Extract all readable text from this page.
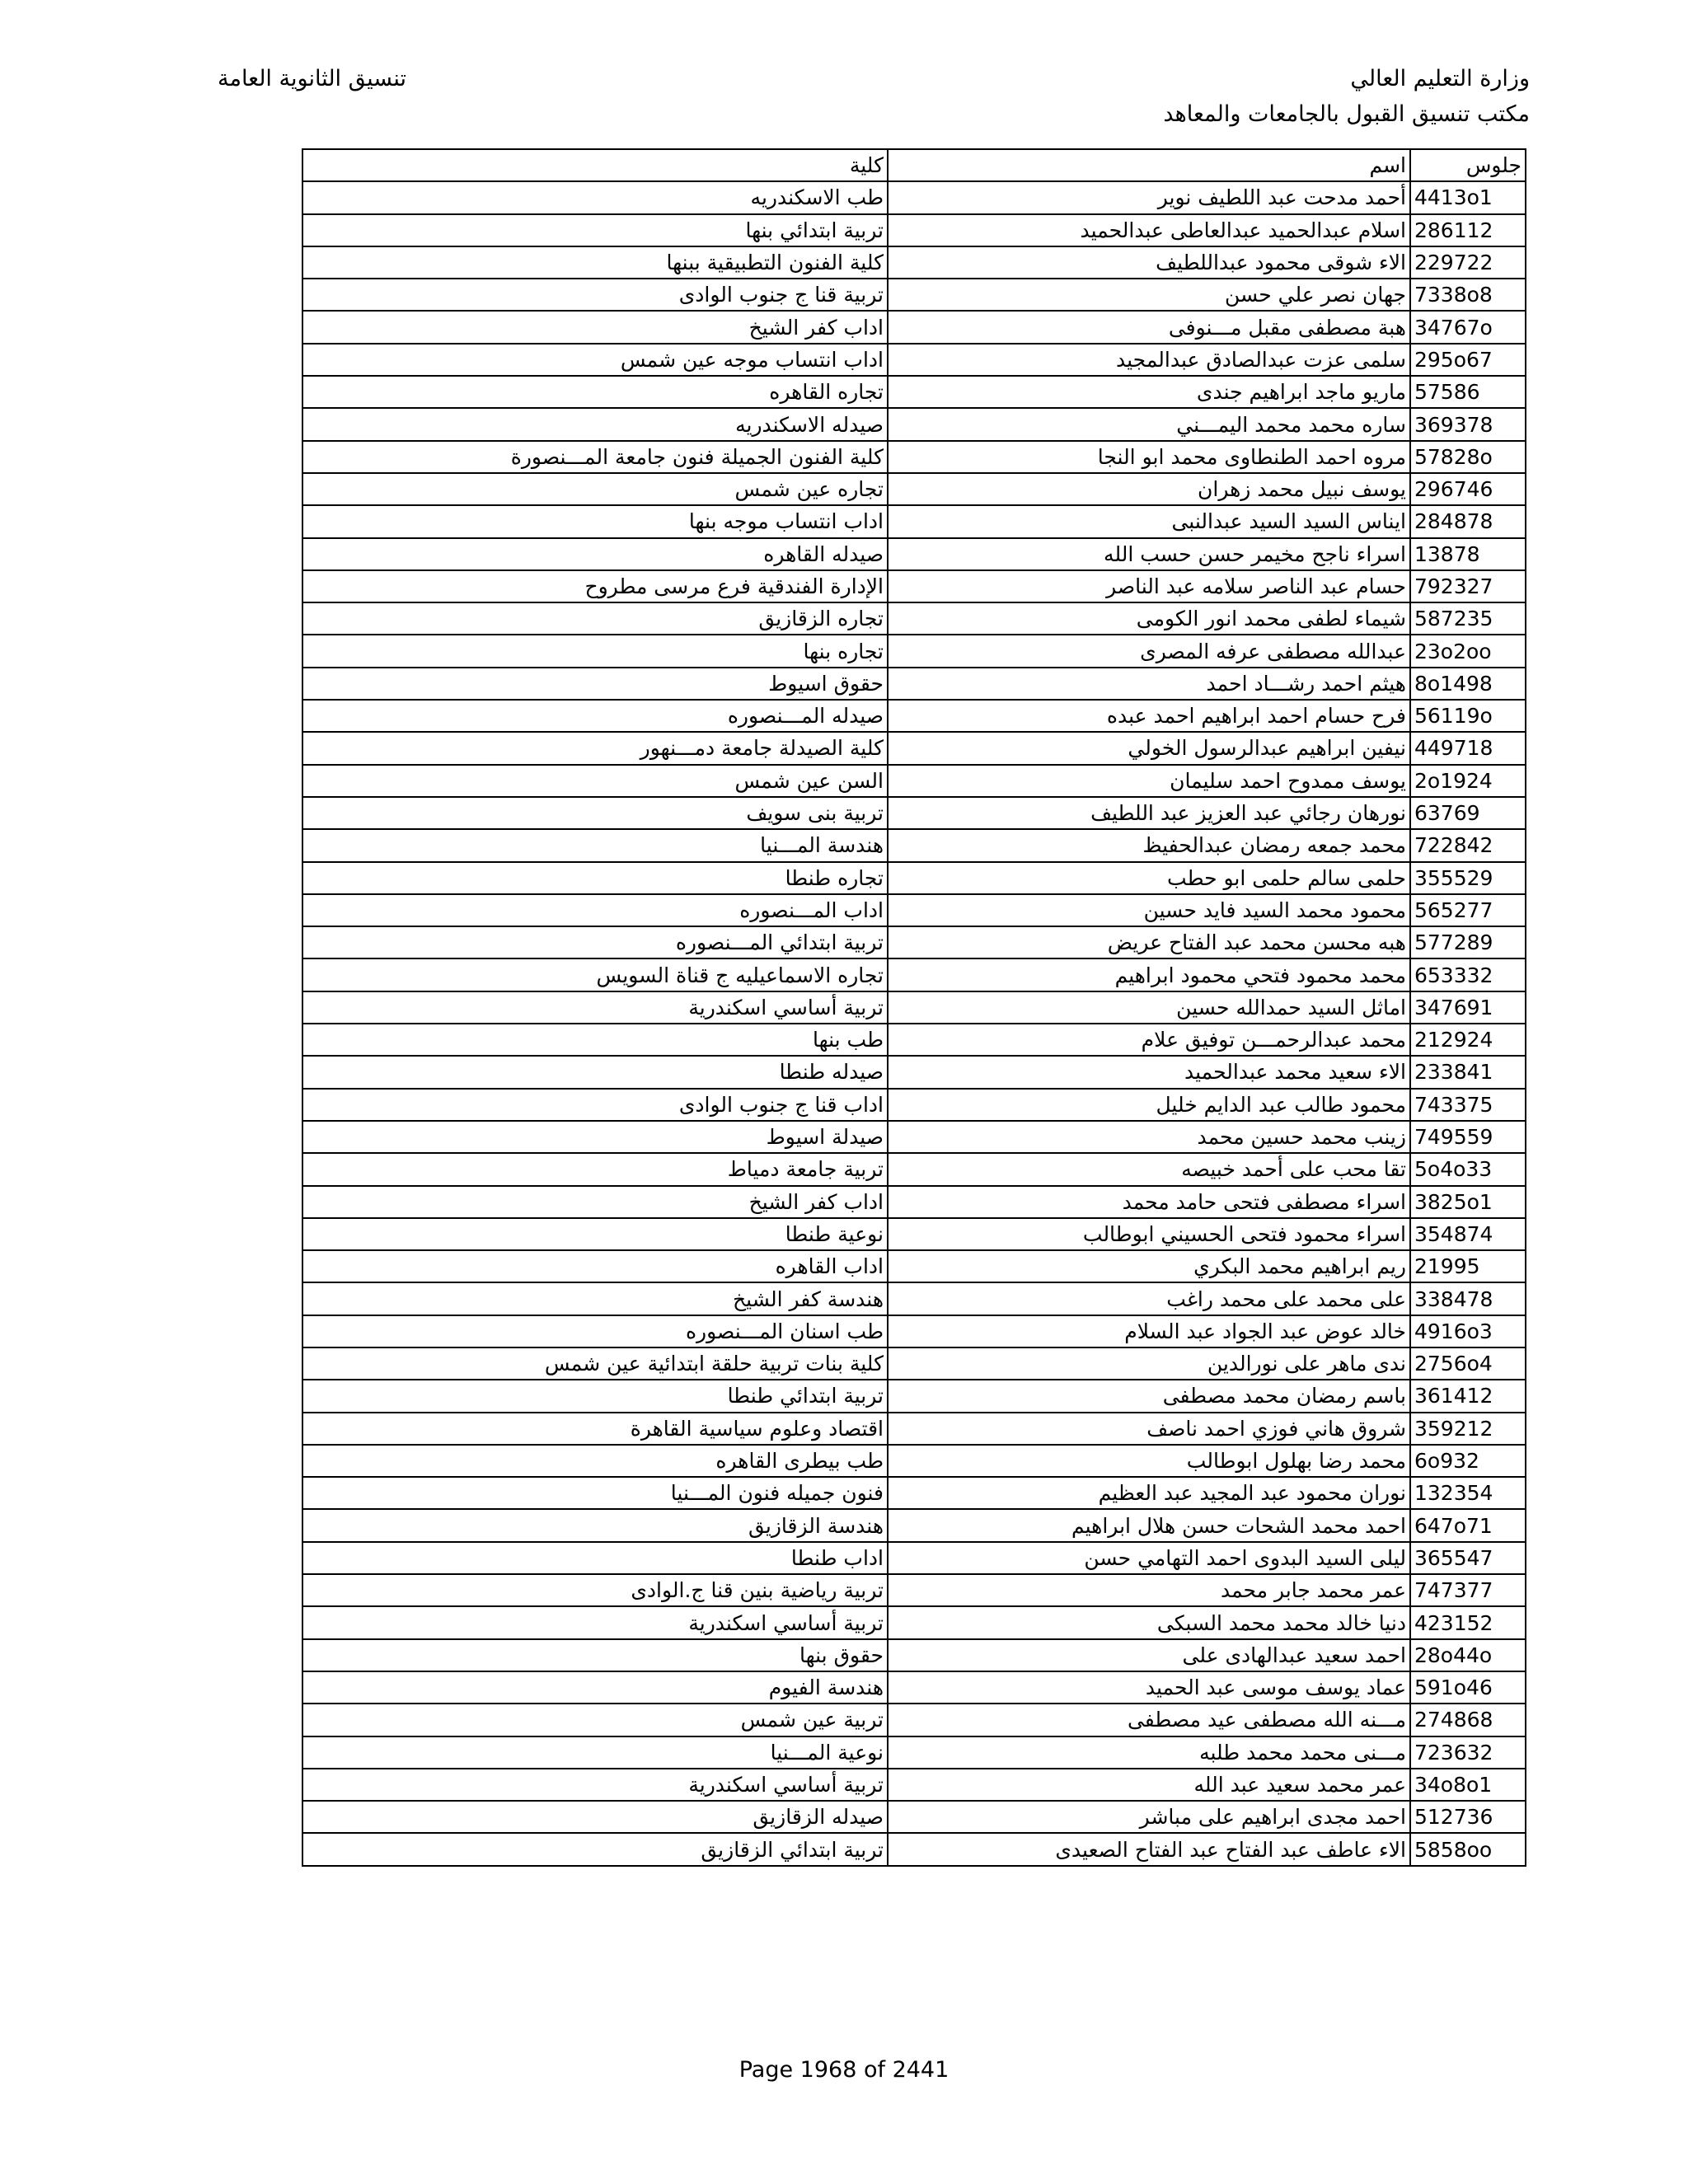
وزارة التعليم العالي
مكتب تنسيق القبول بالجامعات والمعاهد
تنسيق الثانوية العامة
جلوس	اسم	كلية
4413o1	أحمد مدحت عبد اللطيف نوير	طب الاسكندريه
286112	اسلام عبدالحميد عبدالعاطى عبدالحميد	تربية ابتدائي بنها
229722	الاء شوقى محمود عبداللطيف	كلية الفنون التطبيقية ببنها
7338o8	جهان نصر علي حسن	تربية قنا ج جنوب الوادى
34767o	هبة مصطفى مقبل مـــنوفى	اداب كفر الشيخ
295o67	سلمى عزت عبدالصادق عبدالمجيد	اداب انتساب موجه عين شمس
57586	ماريو ماجد ابراهيم جندى	تجاره القاهره
369378	ساره محمد محمد اليمـــني	صيدله الاسكندريه
57828o	مروه احمد الطنطاوى محمد ابو النجا	كلية الفنون الجميلة فنون جامعة المـــنصورة
296746	يوسف نبيل محمد زهران	تجاره عين شمس
284878	ايناس السيد السيد عبدالنبى	اداب انتساب موجه بنها
13878	اسراء ناجح مخيمر حسن حسب الله	صيدله القاهره
792327	حسام عبد الناصر سلامه عبد الناصر	الإدارة الفندقية فرع مرسى مطروح
587235	شيماء لطفى محمد انور الكومى	تجاره الزقازيق
23o2oo	عبدالله مصطفى عرفه المصرى	تجاره بنها
8o1498	هيثم احمد رشـــاد احمد	حقوق اسيوط
56119o	فرح حسام احمد ابراهيم احمد عبده	صيدله المـــنصوره
449718	نيفين ابراهيم عبدالرسول الخولي	كلية الصيدلة جامعة دمـــنهور
2o1924	يوسف ممدوح احمد سليمان	السن عين شمس
63769	نورهان رجائي عبد العزيز عبد اللطيف	تربية بنى سويف
722842	محمد جمعه رمضان عبدالحفيظ	هندسة المـــنيا
355529	حلمى سالم حلمى ابو حطب	تجاره طنطا
565277	محمود محمد السيد فايد حسين	اداب المـــنصوره
577289	هبه محسن محمد عبد الفتاح عريض	تربية ابتدائي المـــنصوره
653332	محمد محمود فتحي محمود ابراهيم	تجاره الاسماعيليه ج قناة السويس
347691	اماثل السيد حمدالله حسين	تربية أساسي اسكندرية
212924	محمد عبدالرحمـــن توفيق علام	طب بنها
233841	الاء سعيد محمد عبدالحميد	صيدله طنطا
743375	محمود طالب عبد الدايم خليل	اداب قنا ج جنوب الوادى
749559	زينب محمد حسين محمد	صيدلة اسيوط
5o4o33	تقا محب على أحمد خبيصه	تربية جامعة دمياط
3825o1	اسراء مصطفى فتحى حامد محمد	اداب كفر الشيخ
354874	اسراء محمود فتحى الحسيني ابوطالب	نوعية طنطا
21995	ريم ابراهيم محمد البكري	اداب القاهره
338478	على محمد على محمد راغب	هندسة كفر الشيخ
4916o3	خالد عوض عبد الجواد عبد السلام	طب اسنان المـــنصوره
2756o4	ندى ماهر على نورالدين	كلية بنات تربية حلقة ابتدائية عين شمس
361412	باسم رمضان محمد مصطفى	تربية ابتدائي طنطا
359212	شروق هاني فوزي احمد ناصف	اقتصاد وعلوم سياسية القاهرة
6o932	محمد رضا بهلول ابوطالب	طب بيطرى القاهره
132354	نوران محمود عبد المجيد عبد العظيم	فنون جميله فنون المـــنيا
647o71	احمد محمد الشحات حسن هلال ابراهيم	هندسة الزقازيق
365547	ليلى السيد البدوى احمد التهامي حسن	اداب طنطا
747377	عمر محمد جابر محمد	تربية رياضية بنين قنا ج.الوادى
423152	دنيا خالد محمد محمد السبكى	تربية أساسي اسكندرية
28o44o	احمد سعيد عبدالهادى على	حقوق بنها
591o46	عماد يوسف موسى عبد الحميد	هندسة الفيوم
274868	مـــنه الله مصطفى عيد مصطفى	تربية عين شمس
723632	مـــنى محمد محمد طلبه	نوعية المـــنيا
34o8o1	عمر محمد سعيد عبد الله	تربية أساسي اسكندرية
512736	احمد مجدى ابراهيم على مباشر	صيدله الزقازيق
5858oo	الاء عاطف عبد الفتاح عبد الفتاح الصعيدى	تربية ابتدائي الزقازيق
Page 1968 of 2441
